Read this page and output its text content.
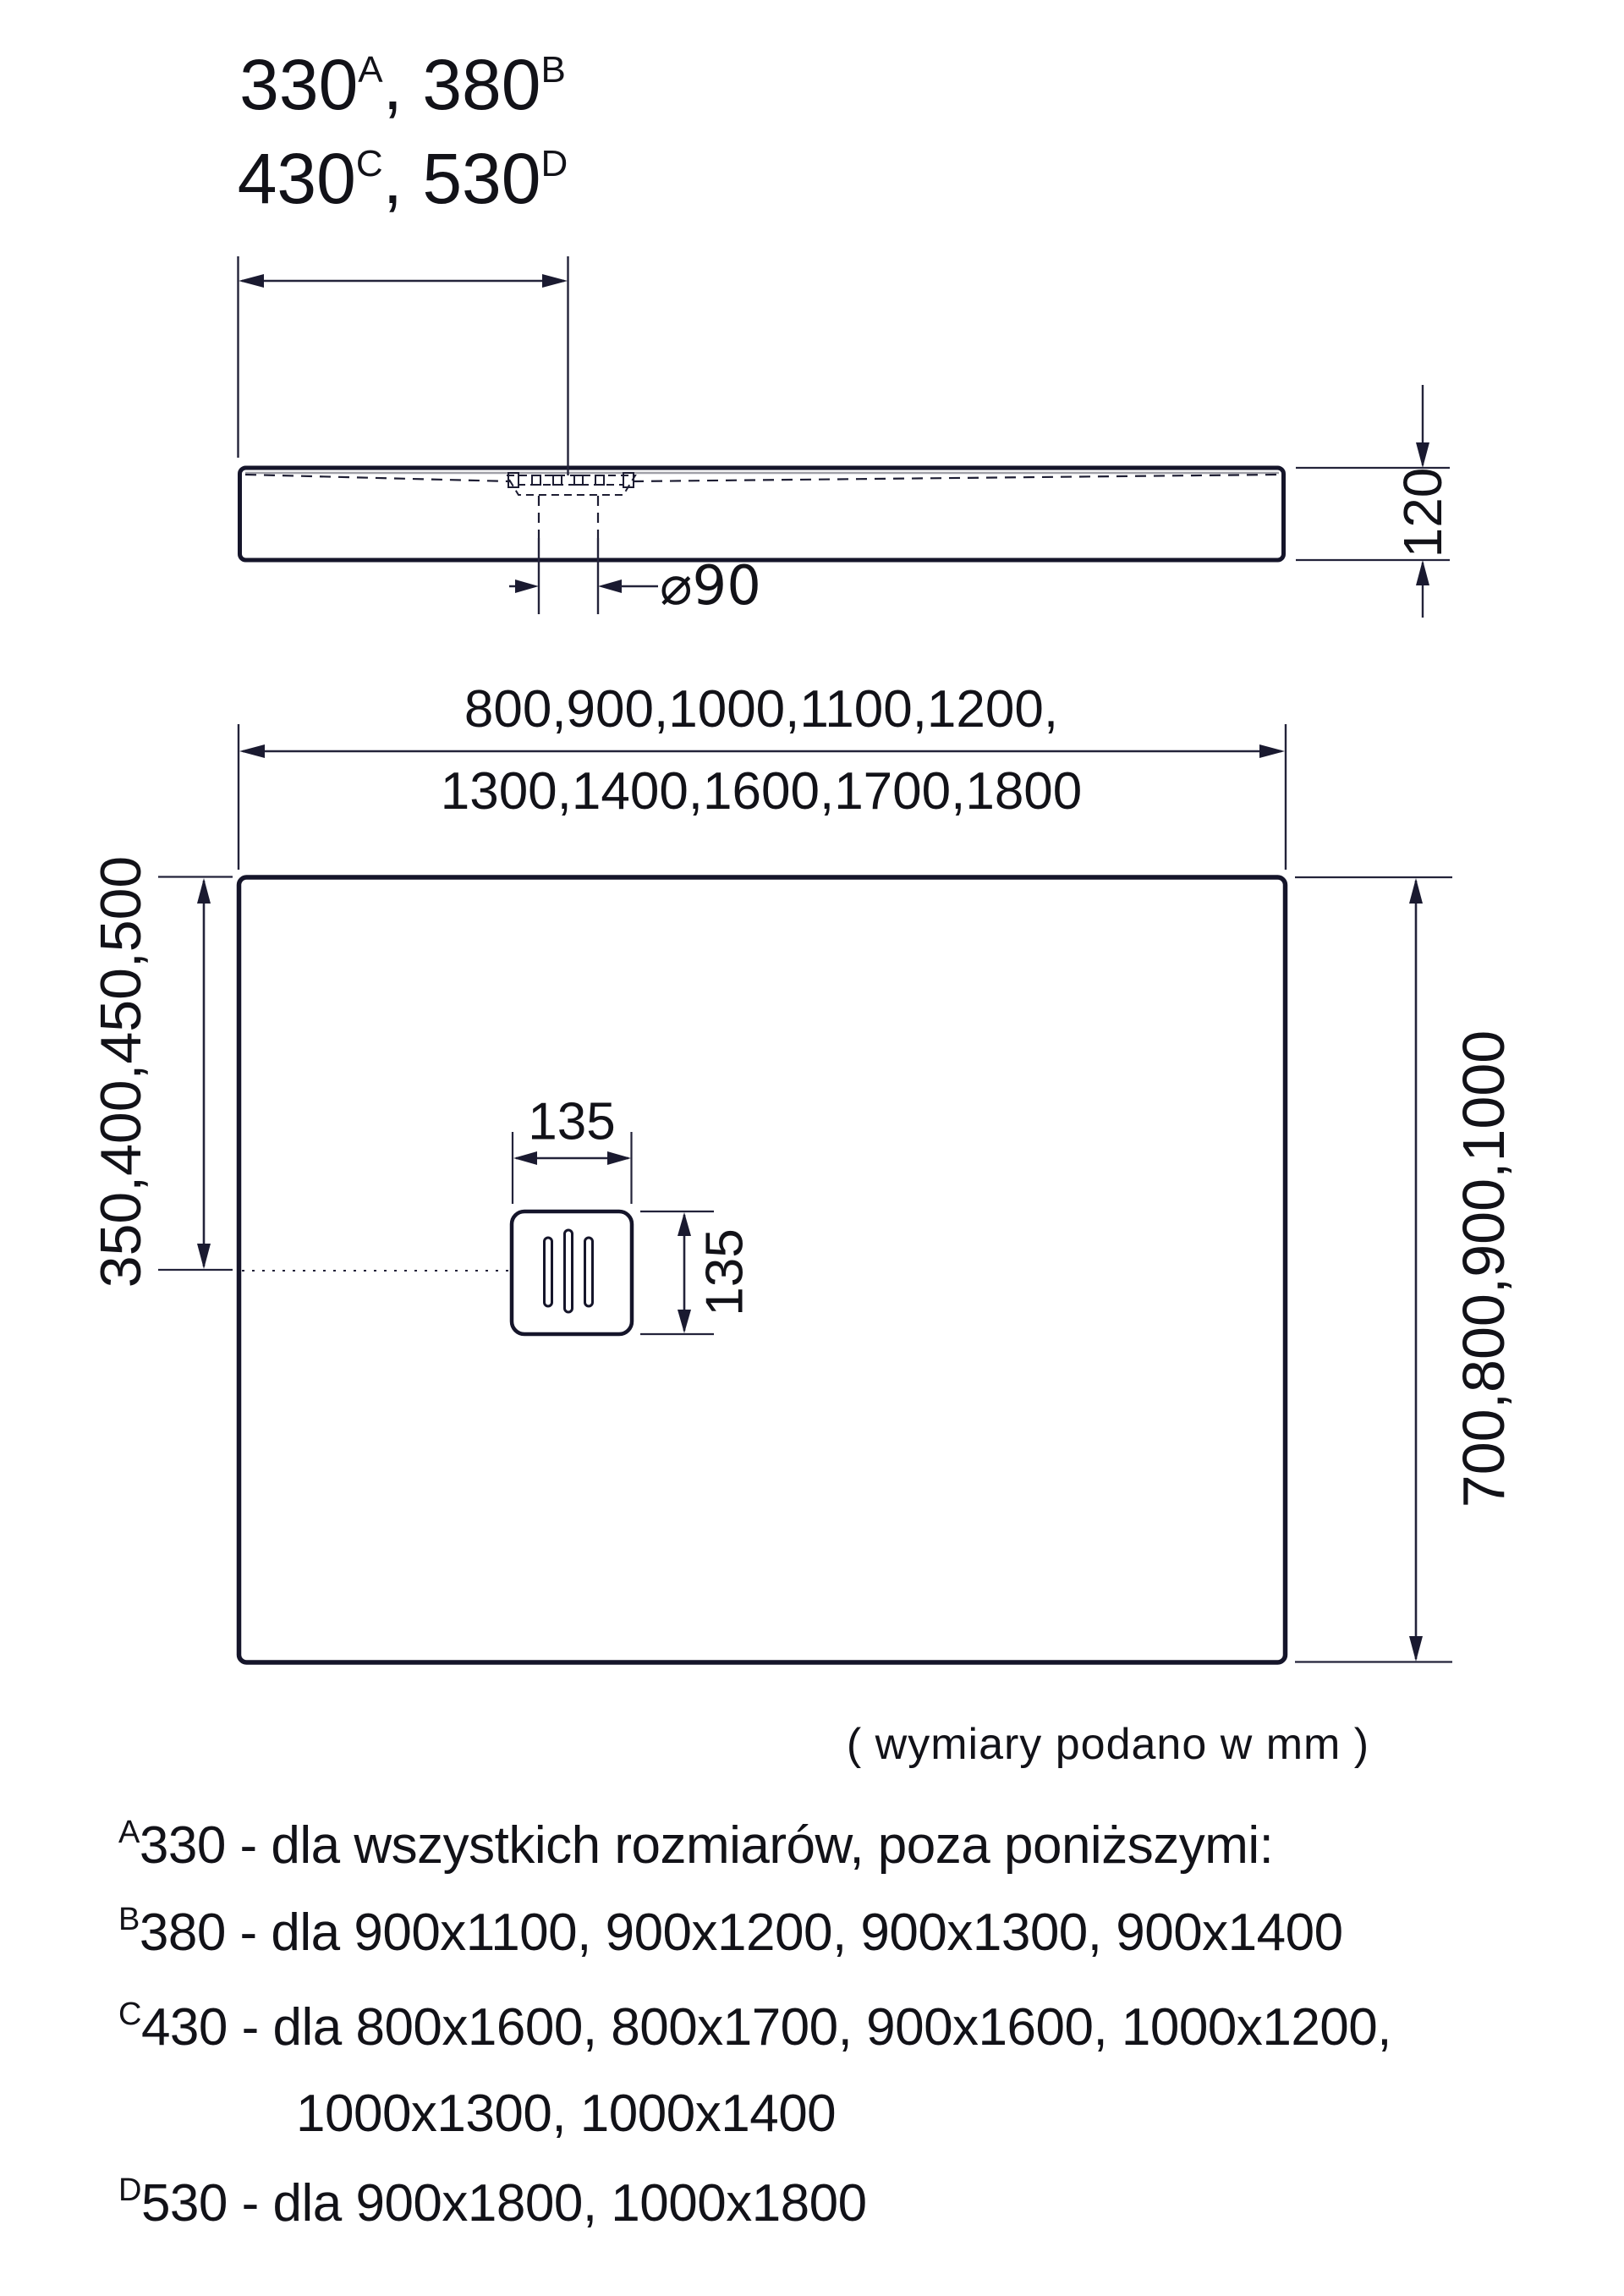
$330^A$, $380^B$
$430^C$, $530^D$
⌀90
120
800,900,1000,1100,1200,
1300,1400,1600,1700,1800
350,400,450,500	700,800,900,1000
135
135
( wymiary podano w mm )
$^A$330 - dla wszystkich rozmiarów, poza poniższymi:
$^B$380 - dla 900x1100, 900x1200, 900x1300, 900x1400
$^C$430 - dla 800x1600, 800x1700, 900x1600, 1000x1200,
1000x1300, 1000x1400
$^D$530 - dla 900x1800, 1000x1800
